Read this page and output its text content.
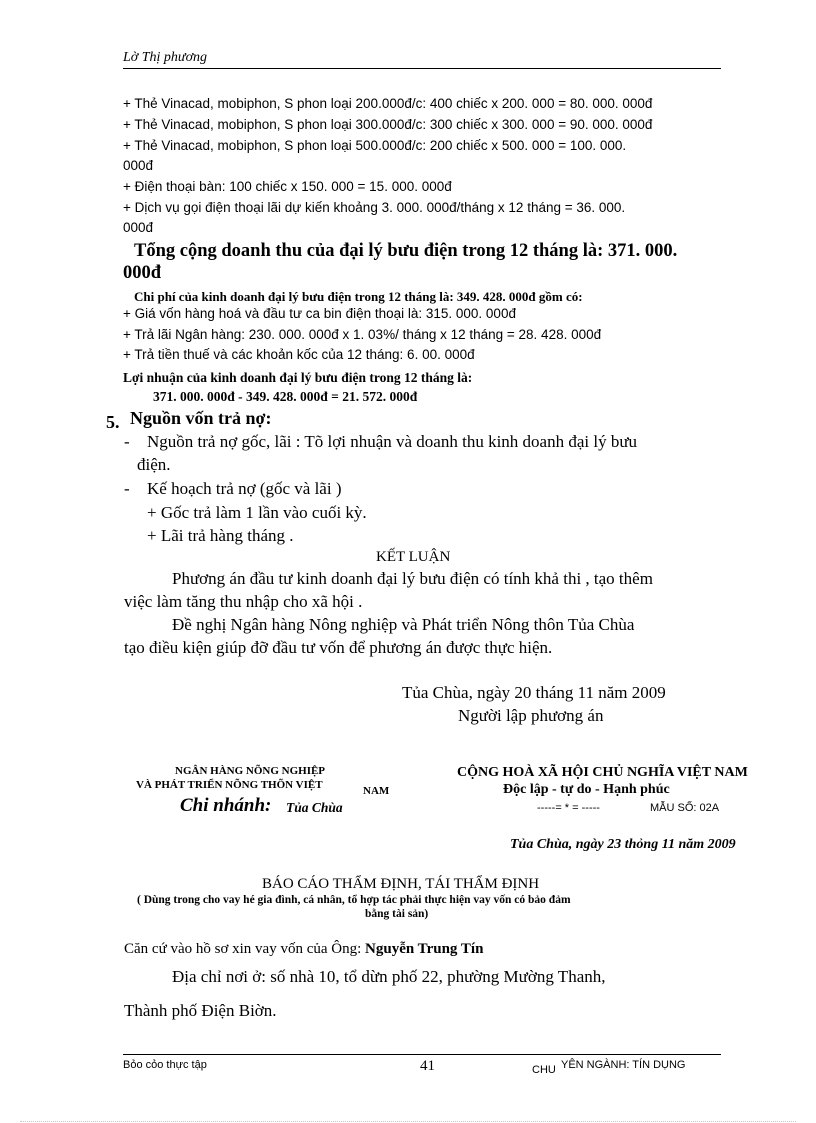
Lờ Thị phương
+ Thẻ Vinacad, mobiphon, S phon loại 200.000đ/c: 400 chiếc x 200. 000 = 80. 000. 000đ
+ Thẻ Vinacad, mobiphon, S phon loại 300.000đ/c: 300 chiếc x 300. 000 = 90. 000. 000đ
+ Thẻ Vinacad, mobiphon, S phon loại 500.000đ/c: 200 chiếc x 500. 000 = 100. 000.
000đ
+ Điện thoại bàn: 100 chiếc x 150. 000 = 15. 000. 000đ
+ Dịch vụ gọi điện thoại lãi dự kiến khoảng 3. 000. 000đ/tháng x 12 tháng = 36. 000.
000đ
Tổng cộng doanh thu của đại lý bưu điện trong 12 tháng là: 371. 000.
000đ
Chi phí của kinh doanh đại lý bưu điện trong 12 tháng là: 349. 428. 000đ gồm có:
+ Giá vốn hàng hoá và đầu tư ca bin điện thoại là: 315. 000. 000đ
+ Trả lãi Ngân hàng: 230. 000. 000đ x 1. 03%/ tháng x 12 tháng = 28. 428. 000đ
+ Trả tiền thuế và các khoản kốc của 12 tháng: 6. 00. 000đ
Lợi nhuận của kinh doanh đại lý bưu điện trong 12 tháng là:
371. 000. 000đ - 349. 428. 000đ = 21. 572. 000đ
5. Nguồn vốn trả nợ:
- Nguồn trả nợ gốc, lãi : Tõ lợi nhuận và doanh thu kinh doanh đại lý bưu
điện.
- Kế hoạch trả nợ (gốc và lãi )
+ Gốc trả làm 1 lần vào cuối kỳ.
+ Lãi trả hàng tháng .
KẾT LUẬN
Phương án đầu tư kinh doanh đại lý bưu điện có tính khả thi , tạo thêm
việc làm tăng thu nhập cho xã hội .
Đề nghị Ngân hàng Nông nghiệp và Phát triển Nông thôn Tủa Chùa
tạo điều kiện giúp đỡ đầu tư vốn để phương án được thực hiện.
Tủa Chùa, ngày 20 tháng 11 năm 2009
Người lập phương án
NGÂN HÀNG NÕNG NGHIỆP
VÀ PHÁT TRIỂN NÕNG THÕN VIỆT	NAM
Chi nhánh: Tủa Chùa
CỘNG HOÀ XÃ HỘI CHỦ NGHĨA VIỆT NAM
Độc lập - tự do - Hạnh phúc
-----= * = -----	MẪU SỐ: 02A
Tủa Chùa, ngày 23 thỏng 11 năm 2009
BÁO CÁO THẨM ĐỊNH, TÁI THẨM ĐỊNH
( Dùng trong cho vay hé gia đình, cá nhân, tổ hợp tác phải thực hiện vay vốn có bảo đảm
bằng tài sản)
Căn cứ vào hồ sơ xin vay vốn của Ông: Nguyễn Trung Tín
Địa chỉ nơi ở: số nhà 10, tổ dừn phố 22, phường Mường Thanh,
Thành phố Điện Biờn.
Bỏo cỏo thực tập	41	CHU YÊN NGÀNH: TÍN DỤNG
